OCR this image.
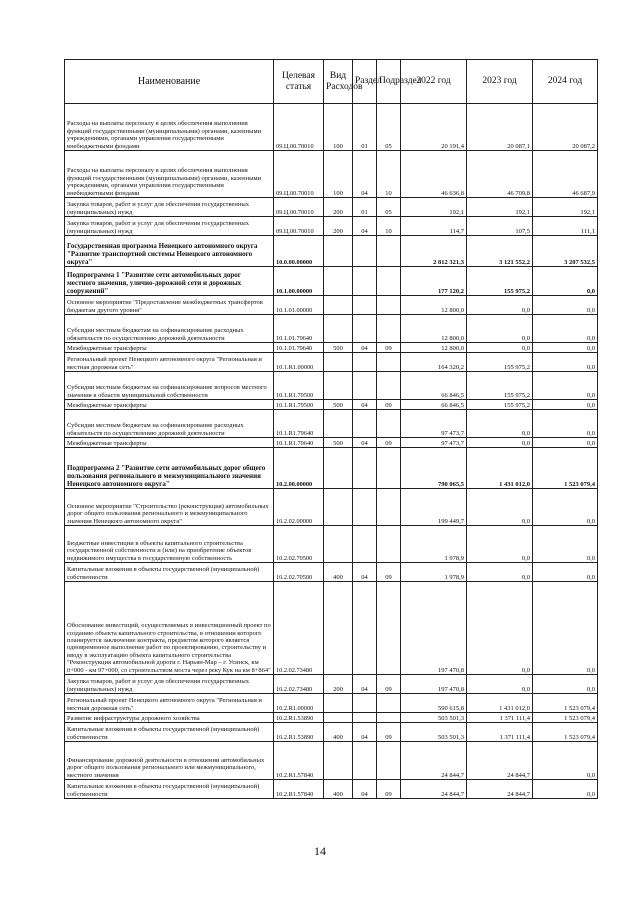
Наименование	Целевая статья	Вид Расходов	Раздел	Подраздел	2022 год	2023 год	2024 год
Расходы на выплаты персоналу в целях обеспечения выполнения функций государственными (муниципальными) органами, казенными учреждениями, органами управления государственными внебюджетными фондами	09.Ц.00.70010	100	01	05	20 191,4	20 087,1	20 087,2
Расходы на выплаты персоналу в целях обеспечения выполнения функций государственными (муниципальными) органами, казенными учреждениями, органами управления государственными внебюджетными фондами	09.Ц.00.70010	100	04	10	46 636,8	46 709,8	46 687,9
Закупка товаров, работ и услуг для обеспечения государственных (муниципальных) нужд	09.Ц.00.70010	200	01	05	192,1	192,1	192,1
Закупка товаров, работ и услуг для обеспечения государственных (муниципальных) нужд	09.Ц.00.70010	200	04	10	114,7	107,5	111,1
Государственная программа Ненецкого автономного округа "Развитие транспортной системы Ненецкого автономного округа"	10.0.00.00000				2 812 321,3	3 121 552,2	3 207 532,5
Подпрограмма 1 "Развитие сети автомобильных дорог местного значения, улично-дорожной сети и дорожных сооружений"	10.1.00.00000				177 120,2	155 975,2	0,0
Основное мероприятие "Предоставление межбюджетных трансфертов бюджетам другого уровня"	10.1.01.00000				12 800,0	0,0	0,0
Субсидии местным бюджетам на софинансирование расходных обязательств по осуществлению дорожной деятельности	10.1.01.79640				12 800,0	0,0	0,0
Межбюджетные трансферты	10.1.01.79640	500	04	09	12 800,0	0,0	0,0
Региональный проект Ненецкого автономного округа "Региональная и местная дорожная сеть"	10.1.R1.00000				164 320,2	155 975,2	0,0
Субсидии местным бюджетам на софинансирование вопросов местного значения в области муниципальной собственности	10.1.R1.79500				66 846,5	155 975,2	0,0
Межбюджетные трансферты	10.1.R1.79500	500	04	09	66 846,5	155 975,2	0,0
Субсидии местным бюджетам на софинансирование расходных обязательств по осуществлению дорожной деятельности	10.1.R1.79640				97 473,7	0,0	0,0
Межбюджетные трансферты	10.1.R1.79640	500	04	09	97 473,7	0,0	0,0
Подпрограмма 2 "Развитие сети автомобильных дорог общего пользования регионального и межмуниципального значения Ненецкого автономного округа"	10.2.00.00000				790 065,5	1 431 012,0	1 523 079,4
Основное мероприятие "Строительство (реконструкция) автомобильных дорог общего пользования регионального и межмуниципального значения Ненецкого автономного округа"	10.2.02.00000				199 449,7	0,0	0,0
Бюджетные инвестиции в объекты капитального строительства государственной собственности и (или) на приобретение объектов недвижимого имущества в государственную собственность	10.2.02.70500				1 978,9	0,0	0,0
Капитальные вложения в объекты государственной (муниципальной) собственности	10.2.02.70500	400	04	09	1 978,9	0,0	0,0
Обоснование инвестиций, осуществляемых в инвестиционный проект по созданию объекта капитального строительства, в отношении которого планируется заключение контракта, предметом которого является одновременное выполнение работ по проектированию, строительству и вводу в эксплуатацию объекта капитального строительства "Реконструкция автомобильной дороги г. Нарьян-Мар – г. Усинск, км 0+000 - км 97+000, со строительством моста через реку Кук на км 8+864"	10.2.02.73480				197 470,8	0,0	0,0
Закупка товаров, работ и услуг для обеспечения государственных (муниципальных) нужд	10.2.02.73480	200	04	09	197 470,8	0,0	0,0
Региональный проект Ненецкого автономного округа "Региональная и местная дорожная сеть"	10.2.R1.00000				590 615,8	1 431 012,0	1 523 079,4
Развитие инфраструктуры дорожного хозяйства	10.2.R1.53890				503 501,3	1 371 111,4	1 523 079,4
Капитальные вложения в объекты государственной (муниципальной) собственности	10.2.R1.53890	400	04	09	503 501,3	1 371 111,4	1 523 079,4
Финансирование дорожной деятельности в отношении автомобильных дорог общего пользования регионального или межмуниципального, местного значения	10.2.R1.57840				24 844,7	24 844,7	0,0
Капитальные вложения в объекты государственной (муниципальной) собственности	10.2.R1.57840	400	04	09	24 844,7	24 844,7	0,0
14
